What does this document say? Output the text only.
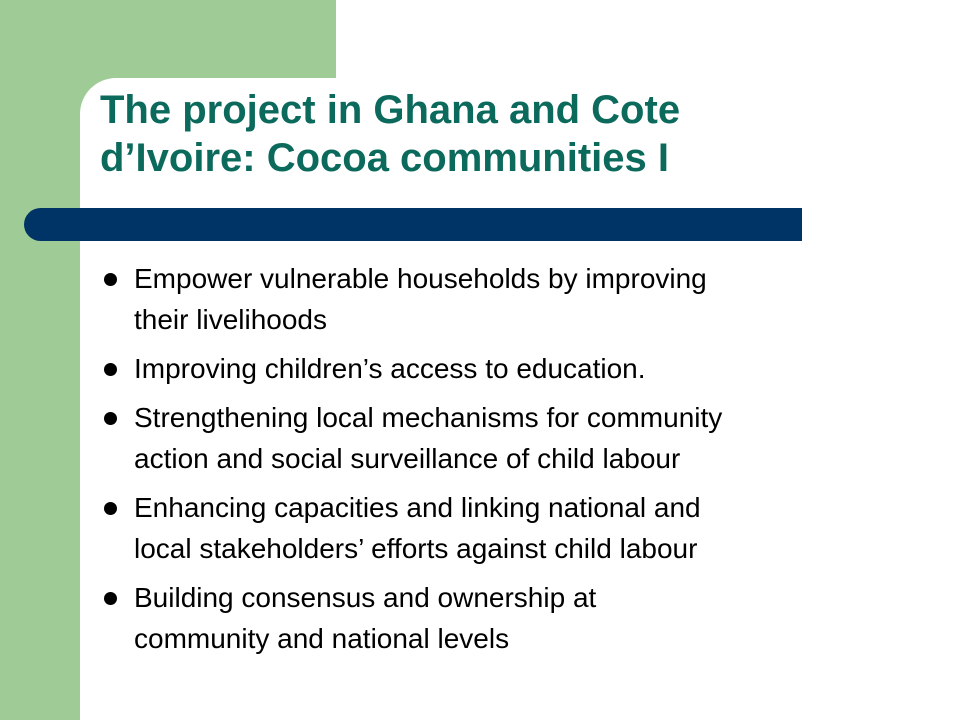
The project in Ghana and Cote
d’Ivoire: Cocoa communities I
Empower vulnerable households by improving
their livelihoods
Improving children’s access to education.
Strengthening local mechanisms for community
action and social surveillance of child labour
Enhancing capacities and linking national and
local stakeholders’ efforts against child labour
Building consensus and ownership at
community and national levels
